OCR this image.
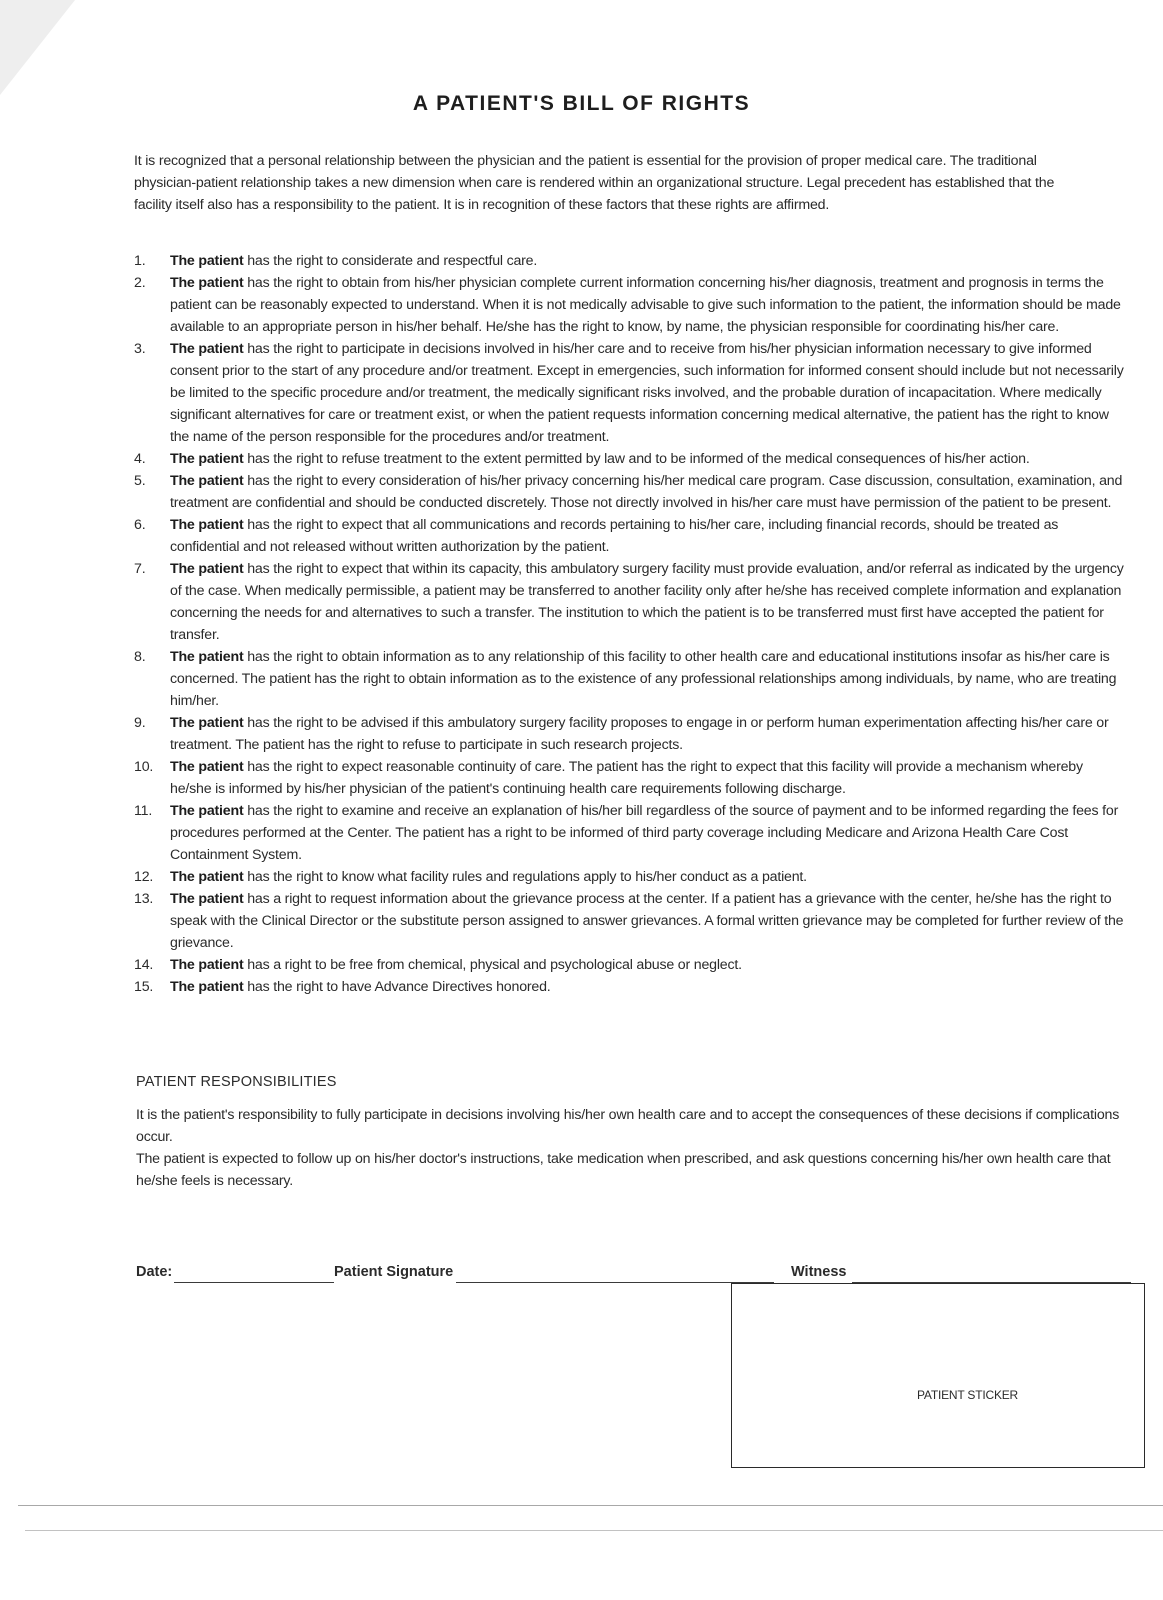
A PATIENT'S BILL OF RIGHTS
It is recognized that a personal relationship between the physician and the patient is essential for the provision of proper medical care. The traditional physician-patient relationship takes a new dimension when care is rendered within an organizational structure. Legal precedent has established that the facility itself also has a responsibility to the patient. It is in recognition of these factors that these rights are affirmed.
1. The patient has the right to considerate and respectful care.
2. The patient has the right to obtain from his/her physician complete current information concerning his/her diagnosis, treatment and prognosis in terms the patient can be reasonably expected to understand. When it is not medically advisable to give such information to the patient, the information should be made available to an appropriate person in his/her behalf. He/she has the right to know, by name, the physician responsible for coordinating his/her care.
3. The patient has the right to participate in decisions involved in his/her care and to receive from his/her physician information necessary to give informed consent prior to the start of any procedure and/or treatment. Except in emergencies, such information for informed consent should include but not necessarily be limited to the specific procedure and/or treatment, the medically significant risks involved, and the probable duration of incapacitation. Where medically significant alternatives for care or treatment exist, or when the patient requests information concerning medical alternative, the patient has the right to know the name of the person responsible for the procedures and/or treatment.
4. The patient has the right to refuse treatment to the extent permitted by law and to be informed of the medical consequences of his/her action.
5. The patient has the right to every consideration of his/her privacy concerning his/her medical care program. Case discussion, consultation, examination, and treatment are confidential and should be conducted discretely. Those not directly involved in his/her care must have permission of the patient to be present.
6. The patient has the right to expect that all communications and records pertaining to his/her care, including financial records, should be treated as confidential and not released without written authorization by the patient.
7. The patient has the right to expect that within its capacity, this ambulatory surgery facility must provide evaluation, and/or referral as indicated by the urgency of the case. When medically permissible, a patient may be transferred to another facility only after he/she has received complete information and explanation concerning the needs for and alternatives to such a transfer. The institution to which the patient is to be transferred must first have accepted the patient for transfer.
8. The patient has the right to obtain information as to any relationship of this facility to other health care and educational institutions insofar as his/her care is concerned. The patient has the right to obtain information as to the existence of any professional relationships among individuals, by name, who are treating him/her.
9. The patient has the right to be advised if this ambulatory surgery facility proposes to engage in or perform human experimentation affecting his/her care or treatment. The patient has the right to refuse to participate in such research projects.
10. The patient has the right to expect reasonable continuity of care. The patient has the right to expect that this facility will provide a mechanism whereby he/she is informed by his/her physician of the patient's continuing health care requirements following discharge.
11. The patient has the right to examine and receive an explanation of his/her bill regardless of the source of payment and to be informed regarding the fees for procedures performed at the Center. The patient has a right to be informed of third party coverage including Medicare and Arizona Health Care Cost Containment System.
12. The patient has the right to know what facility rules and regulations apply to his/her conduct as a patient.
13. The patient has a right to request information about the grievance process at the center. If a patient has a grievance with the center, he/she has the right to speak with the Clinical Director or the substitute person assigned to answer grievances. A formal written grievance may be completed for further review of the grievance.
14. The patient has a right to be free from chemical, physical and psychological abuse or neglect.
15. The patient has the right to have Advance Directives honored.
PATIENT RESPONSIBILITIES

It is the patient's responsibility to fully participate in decisions involving his/her own health care and to accept the consequences of these decisions if complications occur.

The patient is expected to follow up on his/her doctor's instructions, take medication when prescribed, and ask questions concerning his/her own health care that he/she feels is necessary.

Date:	Patient Signature	Witness
PATIENT STICKER
